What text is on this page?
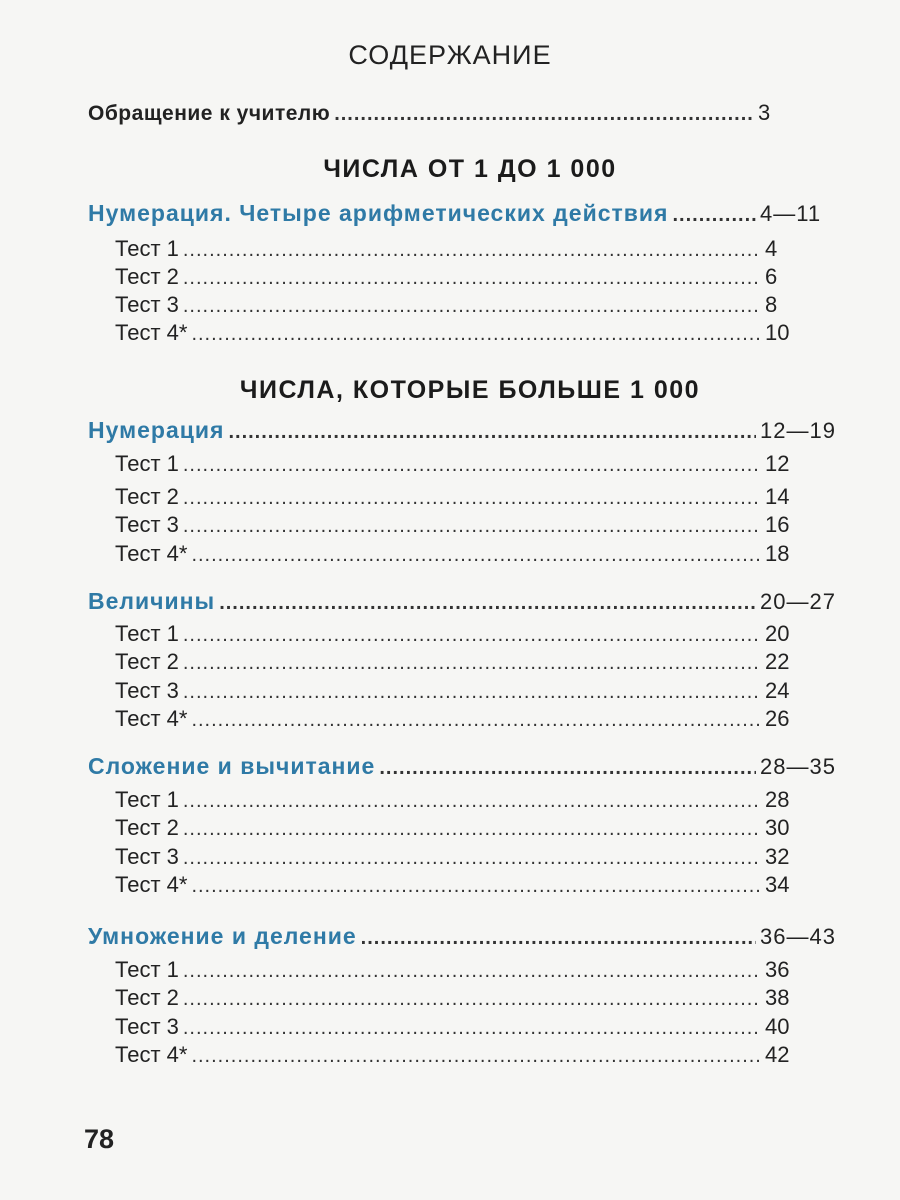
СОДЕРЖАНИЕ
Обращение к учителю .....	3
ЧИСЛА ОТ 1 ДО 1 000
Нумерация. Четыре арифметических действия .....	4—11
Тест 1 .....	4
Тест 2 .....	6
Тест 3 .....	8
Тест 4* .....	10
ЧИСЛА, КОТОРЫЕ БОЛЬШЕ 1 000
Нумерация .....	12—19
Тест 1 .....	12
Тест 2 .....	14
Тест 3 .....	16
Тест 4* .....	18
Величины .....	20—27
Тест 1 .....	20
Тест 2 .....	22
Тест 3 .....	24
Тест 4* .....	26
Сложение и вычитание .....	28—35
Тест 1 .....	28
Тест 2 .....	30
Тест 3 .....	32
Тест 4* .....	34
Умножение и деление .....	36—43
Тест 1 .....	36
Тест 2 .....	38
Тест 3 .....	40
Тест 4* .....	42
78
